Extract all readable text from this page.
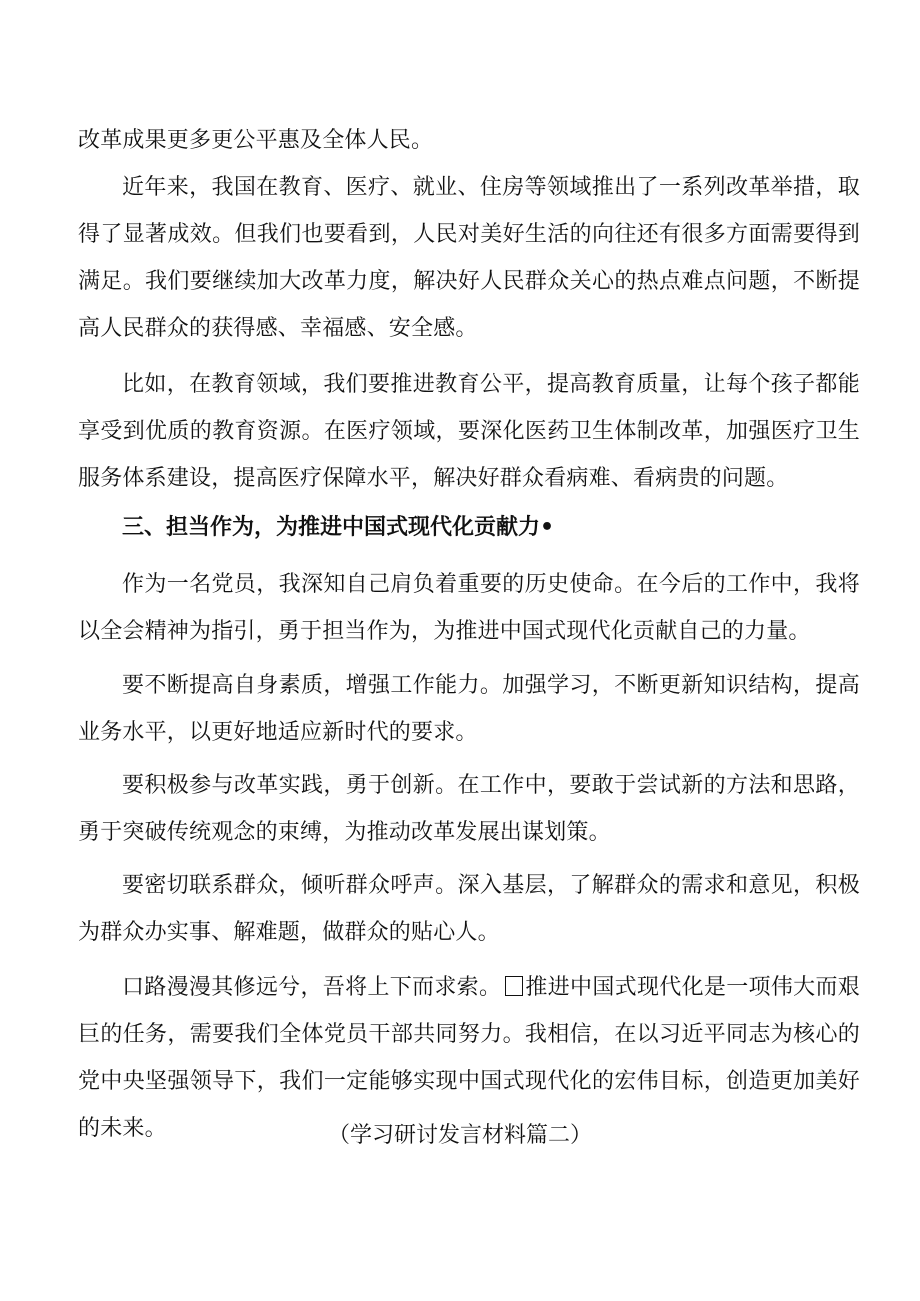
改革成果更多更公平惠及全体人民。

近年来，我国在教育、医疗、就业、住房等领域推出了一系列改革举措，取得了显著成效。但我们也要看到，人民对美好生活的向往还有很多方面需要得到满足。我们要继续加大改革力度，解决好人民群众关心的热点难点问题，不断提高人民群众的获得感、幸福感、安全感。

比如，在教育领域，我们要推进教育公平，提高教育质量，让每个孩子都能享受到优质的教育资源。在医疗领域，要深化医药卫生体制改革，加强医疗卫生服务体系建设，提高医疗保障水平，解决好群众看病难、看病贵的问题。

三、担当作为，为推进中国式现代化贡献力•

作为一名党员，我深知自己肩负着重要的历史使命。在今后的工作中，我将以全会精神为指引，勇于担当作为，为推进中国式现代化贡献自己的力量。

要不断提高自身素质，增强工作能力。加强学习，不断更新知识结构，提高业务水平，以更好地适应新时代的要求。

要积极参与改革实践，勇于创新。在工作中，要敢于尝试新的方法和思路，勇于突破传统观念的束缚，为推动改革发展出谋划策。

要密切联系群众，倾听群众呼声。深入基层，了解群众的需求和意见，积极为群众办实事、解难题，做群众的贴心人。

口路漫漫其修远兮，吾将上下而求索。 推进中国式现代化是一项伟大而艰巨的任务，需要我们全体党员干部共同努力。我相信，在以习近平同志为核心的党中央坚强领导下，我们一定能够实现中国式现代化的宏伟目标，创造更加美好的未来。	（学习研讨发言材料篇二）
